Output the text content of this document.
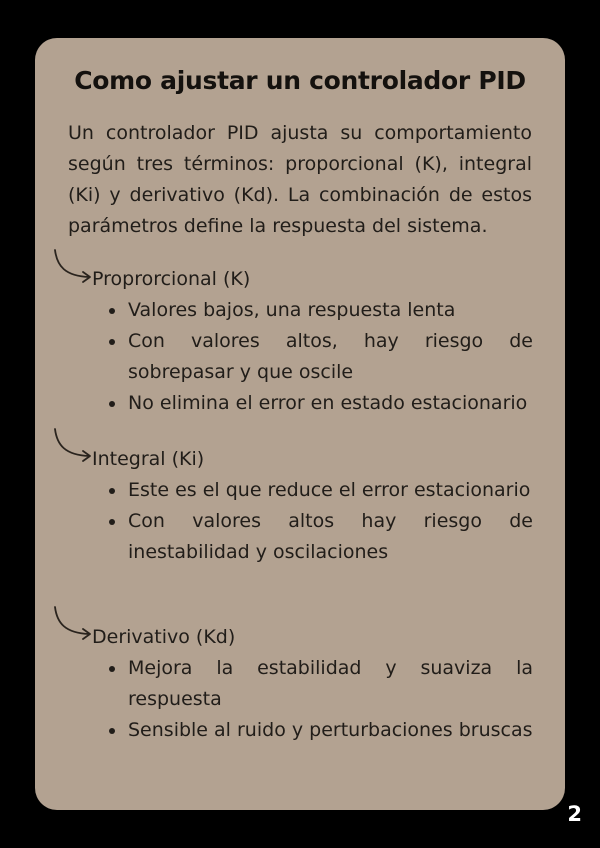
Como ajustar un controlador PID

Un controlador PID ajusta su comportamiento según tres términos: proporcional (K), integral (Ki) y derivativo (Kd). La combinación de estos parámetros define la respuesta del sistema.

Proprorcional (K)
Valores bajos, una respuesta lenta
Con valores altos, hay riesgo de sobrepasar y que oscile
No elimina el error en estado estacionario
Integral (Ki)
Este es el que reduce el error estacionario
Con valores altos hay riesgo de inestabilidad y oscilaciones
Derivativo (Kd)
Mejora la estabilidad y suaviza la respuesta
Sensible al ruido y perturbaciones bruscas
2
